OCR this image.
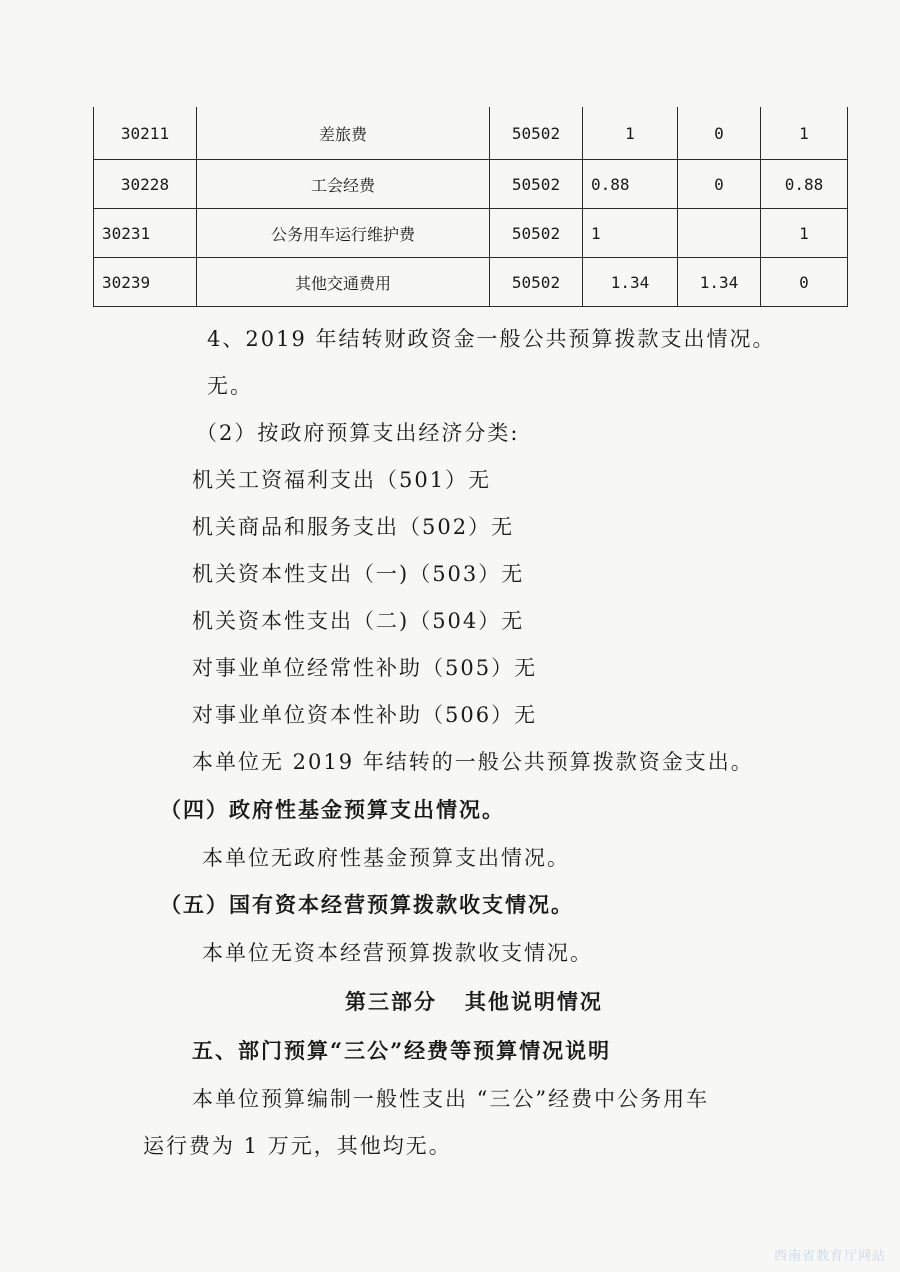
30211	差旅费	50502	1	0	1
30228	工会经费	50502	0.88	0	0.88
30231	公务用车运行维护费	50502	1		1
30239	其他交通费用	50502	1.34	1.34	0
4、2019 年结转财政资金一般公共预算拨款支出情况。
无。
（2）按政府预算支出经济分类:
机关工资福利支出（501）无
机关商品和服务支出（502）无
机关资本性支出（一)（503）无
机关资本性支出（二)（504）无
对事业单位经常性补助（505）无
对事业单位资本性补助（506）无
本单位无 2019 年结转的一般公共预算拨款资金支出。
（四）政府性基金预算支出情况。
本单位无政府性基金预算支出情况。
（五）国有资本经营预算拨款收支情况。
本单位无资本经营预算拨款收支情况。
第三部分   其他说明情况
五、部门预算“三公”经费等预算情况说明
本单位预算编制一般性支出 “三公”经费中公务用车
运行费为 1 万元，其他均无。
西南省教育厅网站
